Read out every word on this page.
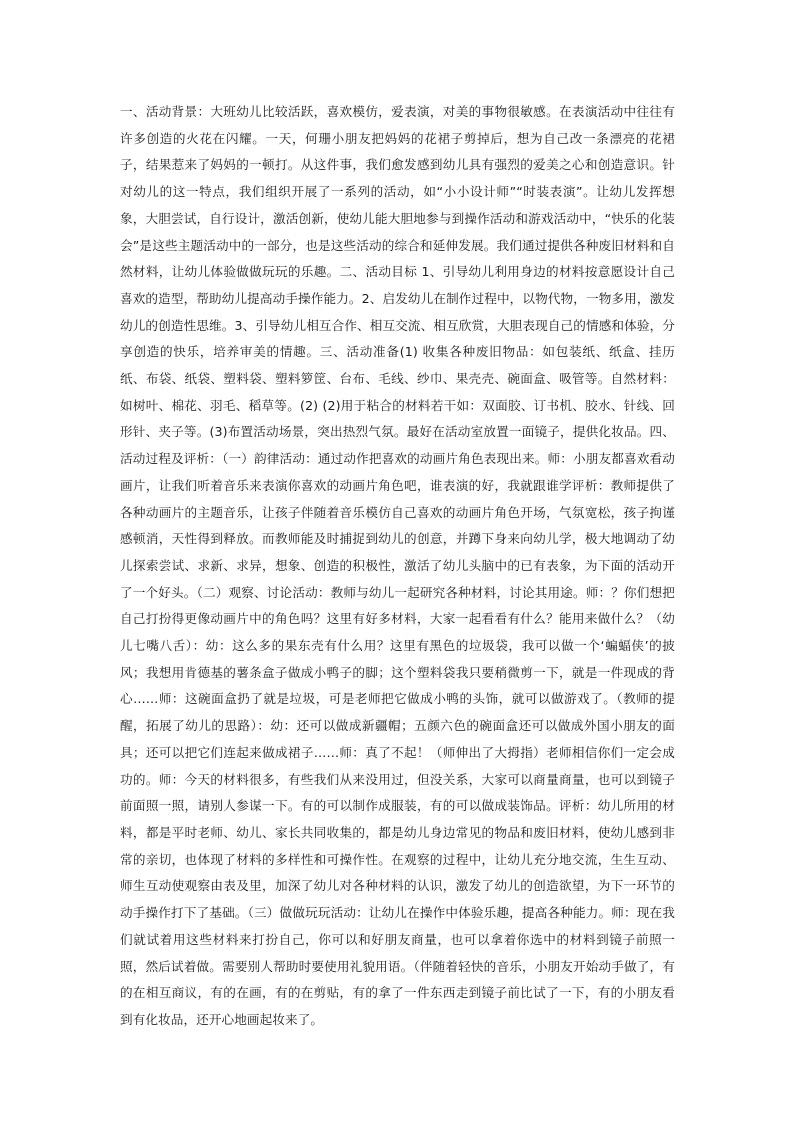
一、活动背景：大班幼儿比较活跃，喜欢模仿，爱表演，对美的事物很敏感。在表演活动中往往有许多创造的火花在闪耀。一天，何珊小朋友把妈妈的花裙子剪掉后，想为自己改一条漂亮的花裙子，结果惹来了妈妈的一顿打。从这件事，我们愈发感到幼儿具有强烈的爱美之心和创造意识。针对幼儿的这一特点，我们组织开展了一系列的活动，如“小小设计师”“时装表演”。让幼儿发挥想象，大胆尝试，自行设计，激活创新，使幼儿能大胆地参与到操作活动和游戏活动中，“快乐的化装会”是这些主题活动中的一部分，也是这些活动的综合和延伸发展。我们通过提供各种废旧材料和自然材料，让幼儿体验做做玩玩的乐趣。二、活动目标 1、引导幼儿利用身边的材料按意愿设计自己喜欢的造型，帮助幼儿提高动手操作能力。2、启发幼儿在制作过程中，以物代物，一物多用，激发幼儿的创造性思维。3、引导幼儿相互合作、相互交流、相互欣赏，大胆表现自己的情感和体验，分享创造的快乐，培养审美的情趣。三、活动准备(1) 收集各种废旧物品：如包装纸、纸盒、挂历纸、布袋、纸袋、塑料袋、塑料箩筐、台布、毛线、纱巾、果壳壳、碗面盒、吸管等。自然材料：如树叶、棉花、羽毛、稻草等。(2) (2)用于粘合的材料若干如：双面胶、订书机、胶水、针线、回形针、夹子等。(3)布置活动场景，突出热烈气氛。最好在活动室放置一面镜子，提供化妆品。四、 活动过程及评析：（一）韵律活动：通过动作把喜欢的动画片角色表现出来。师：小朋友都喜欢看动画片，让我们听着音乐来表演你喜欢的动画片角色吧，谁表演的好，我就跟谁学评析：教师提供了各种动画片的主题音乐，让孩子伴随着音乐模仿自己喜欢的动画片角色开场，气氛宽松，孩子拘谨感顿消，天性得到释放。而教师能及时捕捉到幼儿的创意，并蹲下身来向幼儿学，极大地调动了幼儿探索尝试、求新、求异，想象、创造的积极性，激活了幼儿头脑中的已有表象，为下面的活动开了一个好头。（二）观察、讨论活动：教师与幼儿一起研究各种材料，讨论其用途。师：？你们想把自己打扮得更像动画片中的角色吗？这里有好多材料，大家一起看看有什么？能用来做什么？（幼儿七嘴八舌）：幼：这么多的果东壳有什么用？这里有黑色的垃圾袋，我可以做一个‘蝙蝠侠’的披风；我想用肯德基的薯条盒子做成小鸭子的脚；这个塑料袋我只要稍微剪一下，就是一件现成的背心……师：这碗面盒扔了就是垃圾，可是老师把它做成小鸭的头饰，就可以做游戏了。（教师的提醒，拓展了幼儿的思路）：幼：还可以做成新疆帽；五颜六色的碗面盒还可以做成外国小朋友的面具；还可以把它们连起来做成裙子……师：真了不起！（师伸出了大拇指）老师相信你们一定会成功的。师：今天的材料很多，有些我们从来没用过，但没关系，大家可以商量商量，也可以到镜子前面照一照，请别人参谋一下。有的可以制作成服装，有的可以做成装饰品。评析：幼儿所用的材料，都是平时老师、幼儿、家长共同收集的，都是幼儿身边常见的物品和废旧材料，使幼儿感到非常的亲切，也体现了材料的多样性和可操作性。在观察的过程中，让幼儿充分地交流，生生互动、师生互动使观察由表及里，加深了幼儿对各种材料的认识，激发了幼儿的创造欲望，为下一环节的动手操作打下了基础。（三）做做玩玩活动：让幼儿在操作中体验乐趣，提高各种能力。师：现在我们就试着用这些材料来打扮自己，你可以和好朋友商量，也可以拿着你选中的材料到镜子前照一照，然后试着做。需要别人帮助时要使用礼貌用语。（伴随着轻快的音乐，小朋友开始动手做了，有的在相互商议，有的在画，有的在剪贴，有的拿了一件东西走到镜子前比试了一下，有的小朋友看到有化妆品，还开心地画起妆来了。
